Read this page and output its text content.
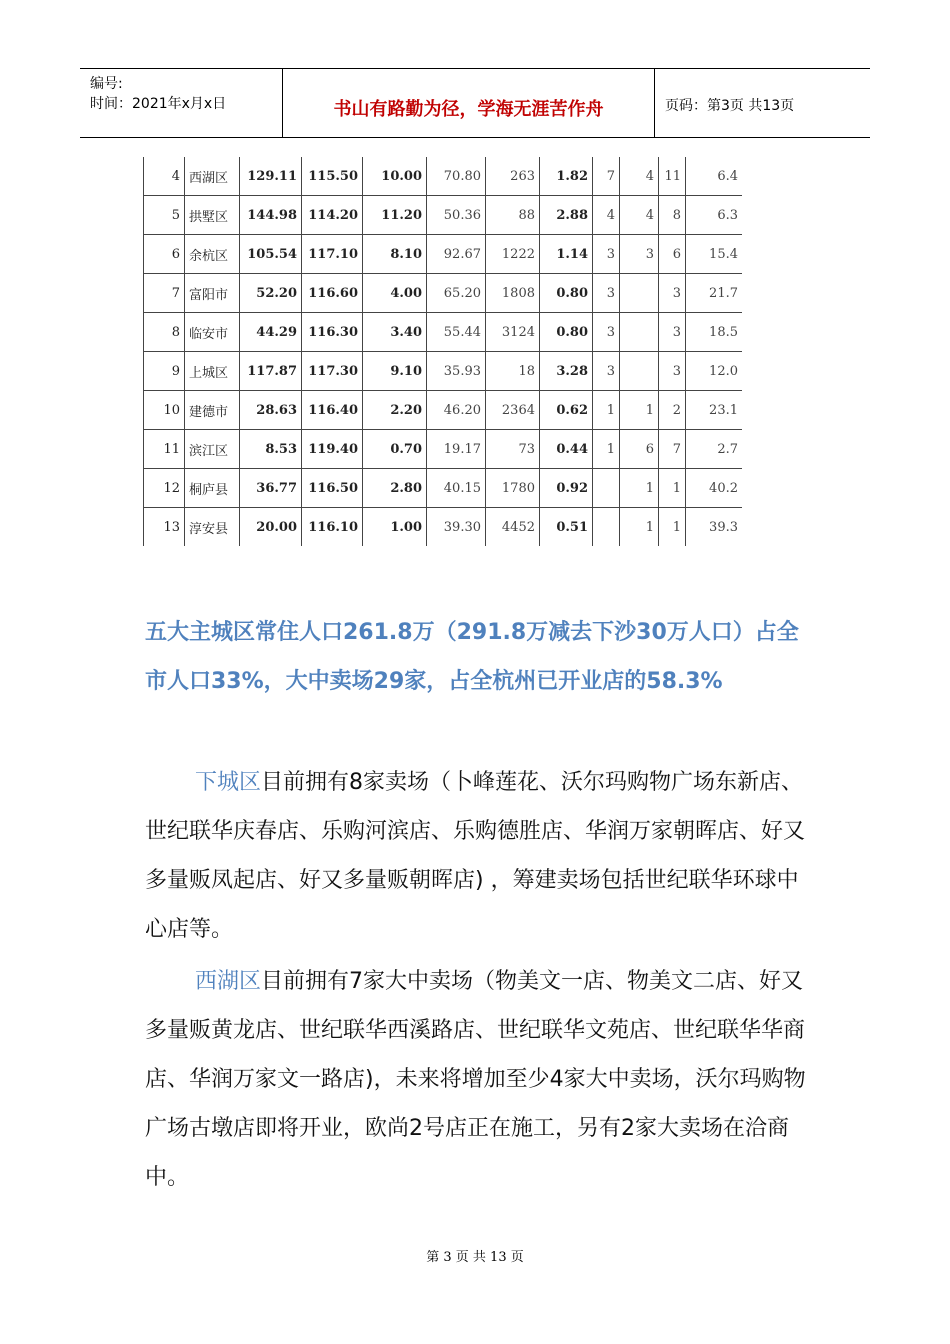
编号:
时间：2021年x月x日	书山有路勤为径，学海无涯苦作舟	页码：第3页 共13页
4	西湖区	129.11	115.50	10.00	70.80	263	1.82	7	4	11	6.4
5	拱墅区	144.98	114.20	11.20	50.36	88	2.88	4	4	8	6.3
6	余杭区	105.54	117.10	8.10	92.67	1222	1.14	3	3	6	15.4
7	富阳市	52.20	116.60	4.00	65.20	1808	0.80	3		3	21.7
8	临安市	44.29	116.30	3.40	55.44	3124	0.80	3		3	18.5
9	上城区	117.87	117.30	9.10	35.93	18	3.28	3		3	12.0
10	建德市	28.63	116.40	2.20	46.20	2364	0.62	1	1	2	23.1
11	滨江区	8.53	119.40	0.70	19.17	73	0.44	1	6	7	2.7
12	桐庐县	36.77	116.50	2.80	40.15	1780	0.92		1	1	40.2
13	淳安县	20.00	116.10	1.00	39.30	4452	0.51		1	1	39.3
五大主城区常住人口261.8万（291.8万减去下沙30万人口）占全市人口33%，大中卖场29家，占全杭州已开业店的58.3%
下城区目前拥有8家卖场（卜峰莲花、沃尔玛购物广场东新店、世纪联华庆春店、乐购河滨店、乐购德胜店、华润万家朝晖店、好又多量贩凤起店、好又多量贩朝晖店) ，筹建卖场包括世纪联华环球中心店等。
西湖区目前拥有7家大中卖场（物美文一店、物美文二店、好又多量贩黄龙店、世纪联华西溪路店、世纪联华文苑店、世纪联华华商店、华润万家文一路店)，未来将增加至少4家大中卖场，沃尔玛购物广场古墩店即将开业，欧尚2号店正在施工，另有2家大卖场在洽商中。
第 3 页 共 13 页
